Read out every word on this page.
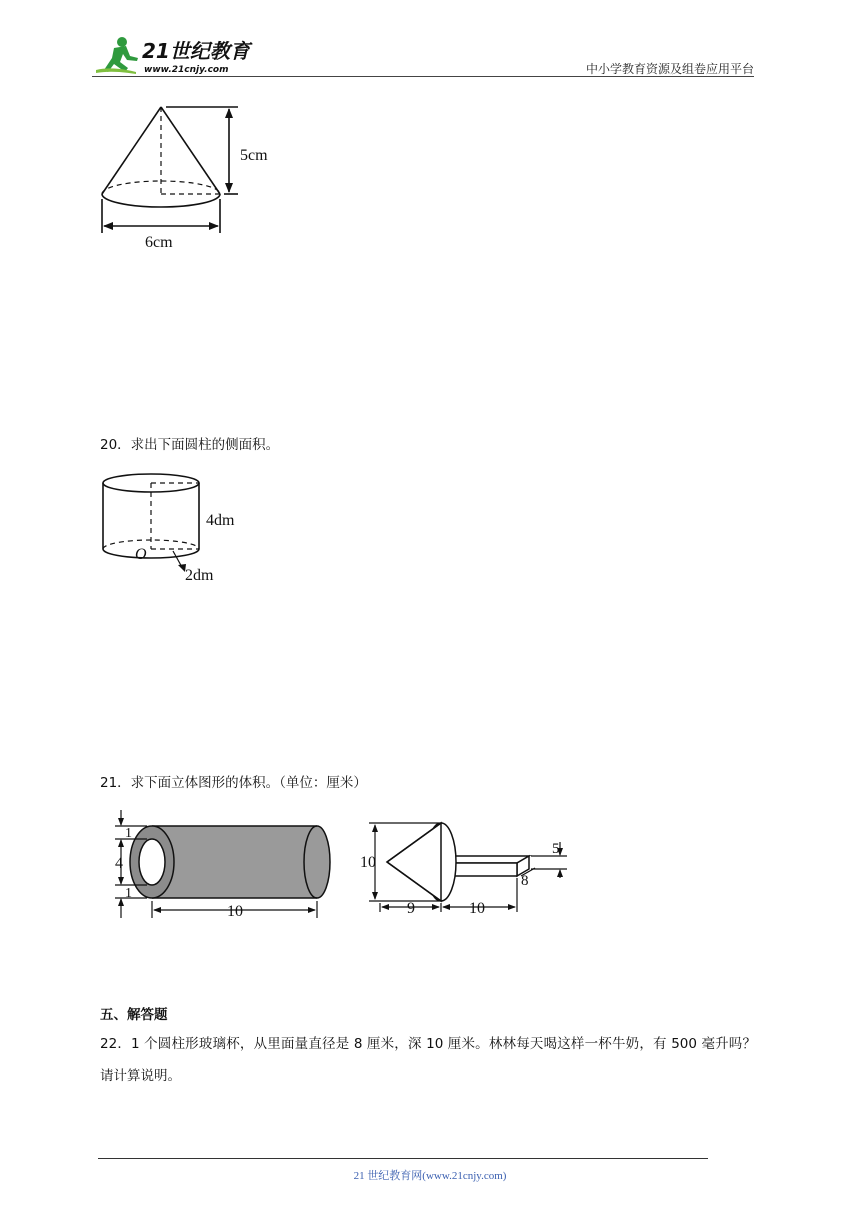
21世纪教育
www.21cnjy.com	中小学教育资源及组卷应用平台
5cm
6cm
20．求出下面圆柱的侧面积。
4dm
O
2dm
21．求下面立体图形的体积。（单位：厘米）
1
4
1
10
10
9	10
5
8
五、解答题
22．1 个圆柱形玻璃杯，从里面量直径是 8 厘米，深 10 厘米。林林每天喝这样一杯牛奶，有 500 毫升吗？请计算说明。
21 世纪教育网(www.21cnjy.com)
